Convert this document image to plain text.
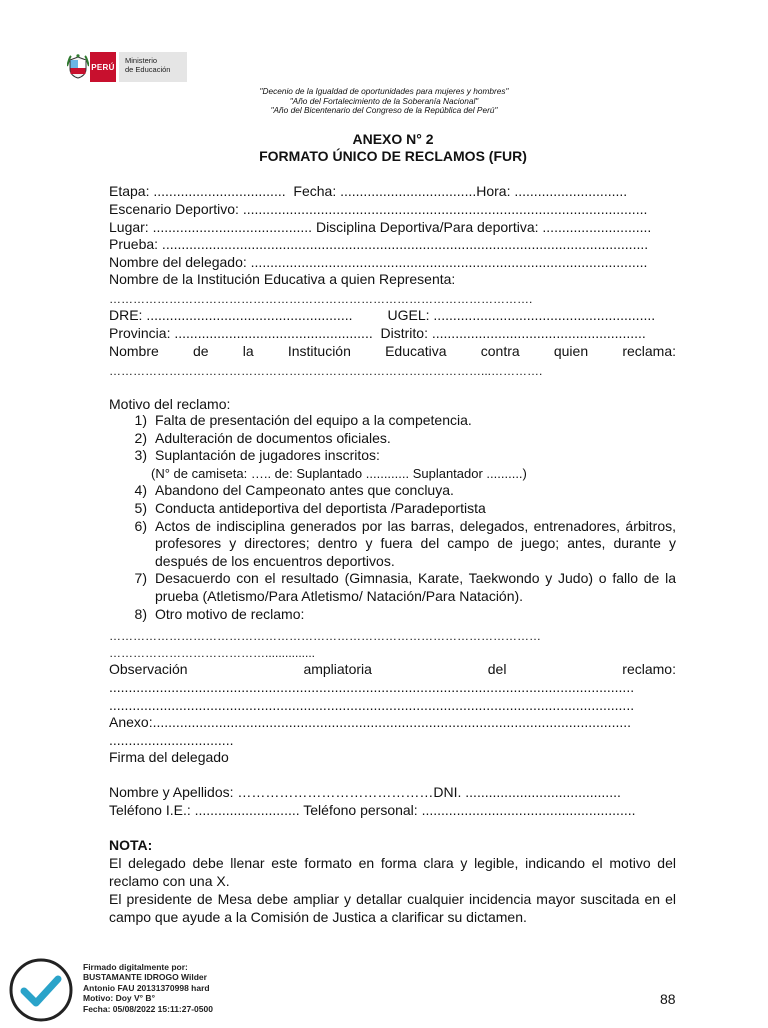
PERÚ
Ministerio
de Educación
"Decenio de la Igualdad de oportunidades para mujeres y hombres"
"Año del Fortalecimiento de la Soberanía Nacional"
"Año del Bicentenario del Congreso de la República del Perú"
ANEXO N° 2
FORMATO ÚNICO DE RECLAMOS (FUR)
Etapa: .................................. Fecha: ...................................Hora: .............................
Escenario Deportivo: ........................................................................................................
Lugar: ......................................... Disciplina Deportiva/Para deportiva: ............................
Prueba: .............................................................................................................................
Nombre del delegado: ......................................................................................................
Nombre de la Institución Educativa a quien Representa:
…………………………………………………………………………………………….
DRE: .....................................................	UGEL: .........................................................
Provincia: ................................................... Distrito: .......................................................
Nombre de la Institución Educativa contra quien reclama:
…………………………………………………………………………………...………….
Motivo del reclamo:
1) Falta de presentación del equipo a la competencia.
2) Adulteración de documentos oficiales.
3) Suplantación de jugadores inscritos:
(N° de camiseta: ….. de: Suplantado ............ Suplantador ..........)
4) Abandono del Campeonato antes que concluya.
5) Conducta antideportiva del deportista /Paradeportista
6) Actos de indisciplina generados por las barras, delegados, entrenadores, árbitros, profesores y directores; dentro y fuera del campo de juego; antes, durante y después de los encuentros deportivos.
7) Desacuerdo con el resultado (Gimnasia, Karate, Taekwondo y Judo) o fallo de la prueba (Atletismo/Para Atletismo/ Natación/Para Natación).
8) Otro motivo de reclamo:
………………………………………………………………………………………………
…………………………………...............
Observación	ampliatoria	del	reclamo:
.......................................................................................................................................
.......................................................................................................................................
Anexo:...........................................................................................................................
................................
Firma del delegado
Nombre y Apellidos: ……………………………………DNI. ........................................
Teléfono I.E.: ........................... Teléfono personal: .......................................................
NOTA:
El delegado debe llenar este formato en forma clara y legible, indicando el motivo del reclamo con una X.
El presidente de Mesa debe ampliar y detallar cualquier incidencia mayor suscitada en el campo que ayude a la Comisión de Justica a clarificar su dictamen.
Firmado digitalmente por:
BUSTAMANTE IDROGO Wilder
Antonio FAU 20131370998 hard
Motivo: Doy V° B°
Fecha: 05/08/2022 15:11:27-0500
88
